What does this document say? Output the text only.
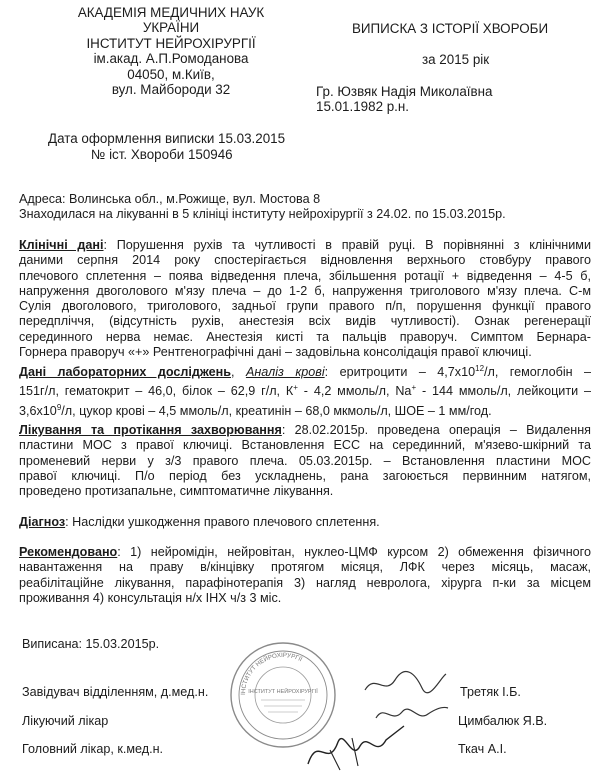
АКАДЕМІЯ МЕДИЧНИХ НАУК
УКРАЇНИ
ІНСТИТУТ НЕЙРОХІРУРГІЇ
ім.акад. А.П.Ромоданова
04050, м.Київ,
вул. Майбороди 32
ВИПИСКА З ІСТОРІЇ ХВОРОБИ
за 2015 рік
Гр. Юзвяк Надія Миколаївна
15.01.1982 р.н.
Дата оформлення виписки 15.03.2015
№ іст. Хвороби 150946
Адреса: Волинська обл., м.Рожище, вул. Мостова 8
Знаходилася на лікуванні в 5 клініці інституту нейрохірургії з 24.02. по 15.03.2015р.
Клінічні дані: Порушення рухів та чутливості в правій руці. В порівнянні з клінічними
даними серпня 2014 року спостерігається відновлення верхнього стовбуру правого
плечового сплетення – поява відведення плеча, збільшення ротації + відведення – 4-5 б,
напруження двоголового м'язу плеча – до 1-2 б, напруження триголового м'язу плеча. С-м
Сулія двоголового, триголового, задньої групи правого п/п, порушення функції правого
передпліччя, (відсутність рухів, анестезія всіх видів чутливості). Ознак регенерації
серединного нерва немає. Анестезія кисті та пальців праворуч. Симптом Бернара-
Горнера праворуч «+» Рентгенографічні дані – задовільна консолідація правої ключиці.
Дані лабораторних досліджень, Аналіз крові: еритроцити – $4,7х10^{12}/л$, гемоглобін –
151г/л, гематокрит – 46,0, білок – 62,9 г/л, К+ - 4,2 ммоль/л, Na+ - 144 ммоль/л, лейкоцити –
$3,6х10^9/л$, цукор крові – 4,5 ммоль/л, креатинін – 68,0 мкмоль/л, ШОЕ – 1 мм/год.
Лікування та протікання захворювання: 28.02.2015р. проведена операція – Видалення
пластини МОС з правої ключиці. Встановлення ЕСС на серединний, м'язево-шкірний та
променевий нерви у з/3 правого плеча. 05.03.2015р. – Встановлення пластини МОС
правої ключиці. П/о період без ускладнень, рана загоюється первинним натягом,
проведено протизапальне, симптоматичне лікування.
Діагноз: Наслідки ушкодження правого плечового сплетення.
Рекомендовано: 1) нейромідін, нейровітан, нуклео-ЦМФ курсом 2) обмеження фізичного
навантаження на праву в/кінцівку протягом місяця, ЛФК через місяць, масаж,
реабілітаційне лікування, парафінотерапія 3) нагляд невролога, хірурга п-ки за місцем
проживання 4) консультація н/х ІНХ ч/з 3 міс.
Виписана: 15.03.2015р.
ІНСТИТУТ НЕЙРОХІРУРГІЇ
ІНСТИТУТ НЕЙРОХІРУРГІЇ
Завідувач відділенням, д.мед.н.	Третяк І.Б.
Лікуючий лікар	Цимбалюк Я.В.
Головний лікар, к.мед.н.	Ткач А.І.
